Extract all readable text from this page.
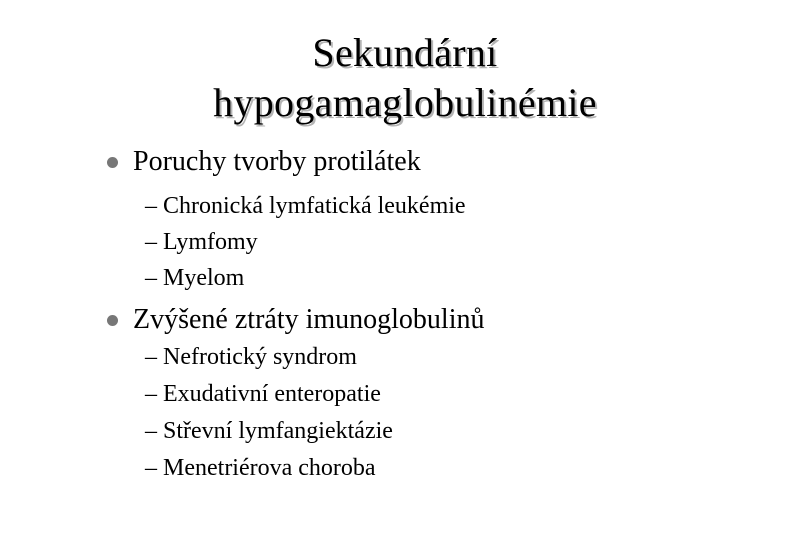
Sekundární
hypogamaglobulinémie
Poruchy tvorby protilátek
– Chronická lymfatická leukémie
– Lymfomy
– Myelom
Zvýšené ztráty imunoglobulinů
– Nefrotický syndrom
– Exudativní enteropatie
– Střevní lymfangiektázie
– Menetriérova choroba
